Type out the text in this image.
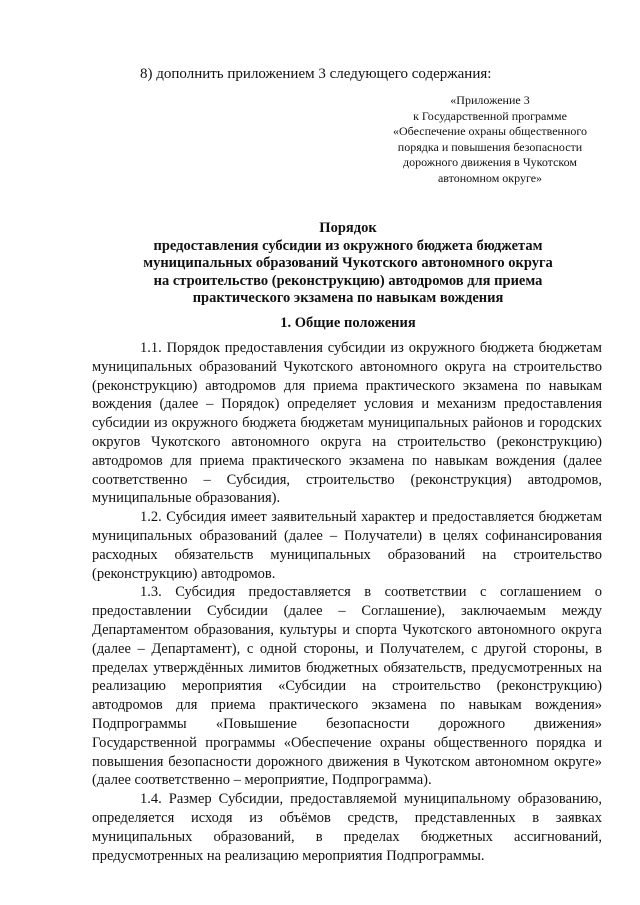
8) дополнить приложением 3 следующего содержания:
«Приложение 3
к Государственной программе
«Обеспечение охраны общественного
порядка и повышения безопасности
дорожного движения в Чукотском
автономном округе»
Порядок
предоставления субсидии из окружного бюджета бюджетам
муниципальных образований Чукотского автономного округа
на строительство (реконструкцию) автодромов для приема
практического экзамена по навыкам вождения
1. Общие положения

1.1. Порядок предоставления субсидии из окружного бюджета бюджетам муниципальных образований Чукотского автономного округа на строительство (реконструкцию) автодромов для приема практического экзамена по навыкам вождения (далее – Порядок) определяет условия и механизм предоставления субсидии из окружного бюджета бюджетам муниципальных районов и городских округов Чукотского автономного округа на строительство (реконструкцию) автодромов для приема практического экзамена по навыкам вождения (далее соответственно – Субсидия, строительство (реконструкция) автодромов, муниципальные образования).

1.2. Субсидия имеет заявительный характер и предоставляется бюджетам муниципальных образований (далее – Получатели) в целях софинансирования расходных обязательств муниципальных образований на строительство (реконструкцию) автодромов.

1.3. Субсидия предоставляется в соответствии с соглашением о предоставлении Субсидии (далее – Соглашение), заключаемым между Департаментом образования, культуры и спорта Чукотского автономного округа (далее – Департамент), с одной стороны, и Получателем, с другой стороны, в пределах утверждённых лимитов бюджетных обязательств, предусмотренных на реализацию мероприятия «Субсидии на строительство (реконструкцию) автодромов для приема практического экзамена по навыкам вождения» Подпрограммы «Повышение безопасности дорожного движения» Государственной программы «Обеспечение охраны общественного порядка и повышения безопасности дорожного движения в Чукотском автономном округе» (далее соответственно – мероприятие, Подпрограмма).

1.4. Размер Субсидии, предоставляемой муниципальному образованию, определяется исходя из объёмов средств, представленных в заявках муниципальных образований, в пределах бюджетных ассигнований, предусмотренных на реализацию мероприятия Подпрограммы.
